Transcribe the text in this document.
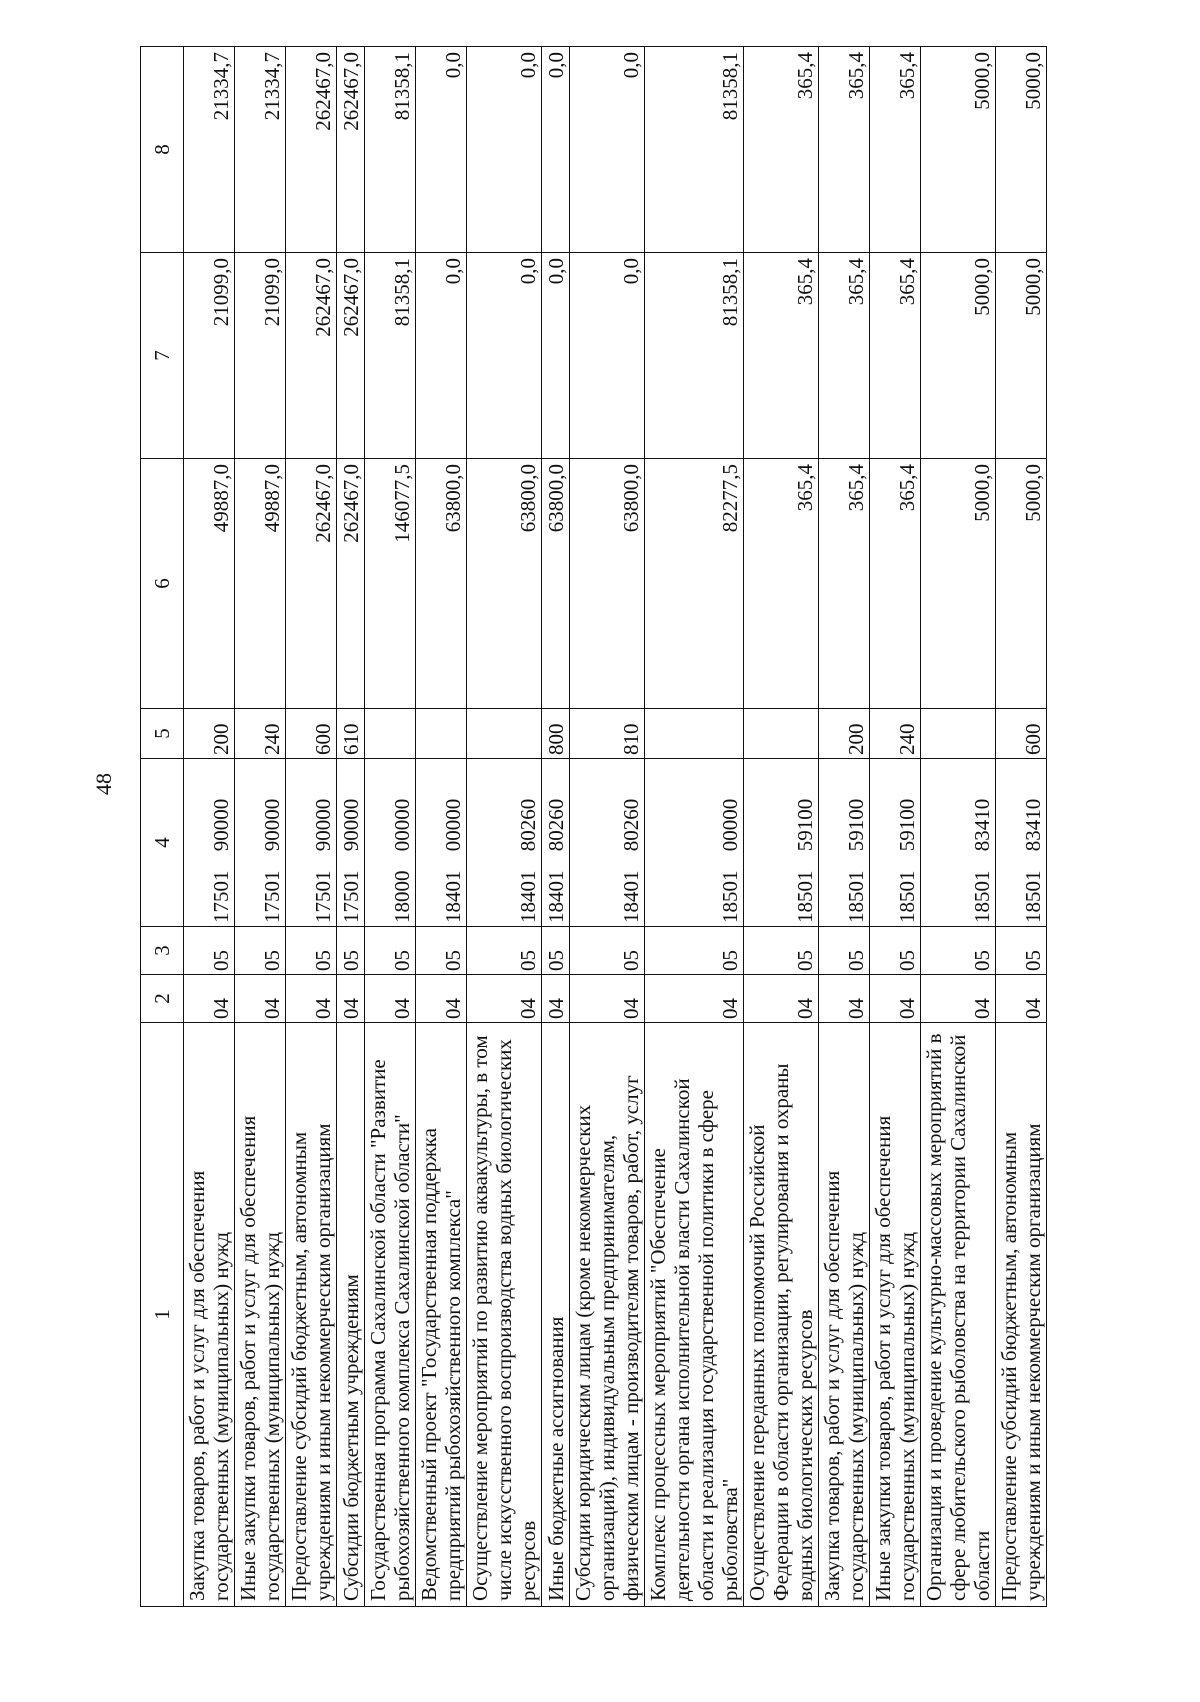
48
1	2	3	4	5	6	7	8
Закупка товаров, работ и услуг для обеспечения государственных (муниципальных) нужд	04	05	17501 90000	200	49887,0	21099,0	21334,7
Иные закупки товаров, работ и услуг для обеспечения государственных (муниципальных) нужд	04	05	17501 90000	240	49887,0	21099,0	21334,7
Предоставление субсидий бюджетным, автономным учреждениям и иным некоммерческим организациям	04	05	17501 90000	600	262467,0	262467,0	262467,0
Субсидии бюджетным учреждениям	04	05	17501 90000	610	262467,0	262467,0	262467,0
Государственная программа Сахалинской области "Развитие рыбохозяйственного комплекса Сахалинской области"	04	05	18000 00000		146077,5	81358,1	81358,1
Ведомственный проект "Государственная поддержка предприятий рыбохозяйственного комплекса"	04	05	18401 00000		63800,0	0,0	0,0
Осуществление мероприятий по развитию аквакультуры, в том числе искусственного воспроизводства водных биологических ресурсов	04	05	18401 80260		63800,0	0,0	0,0
Иные бюджетные ассигнования	04	05	18401 80260	800	63800,0	0,0	0,0
Субсидии юридическим лицам (кроме некоммерческих организаций), индивидуальным предпринимателям, физическим лицам - производителям товаров, работ, услуг	04	05	18401 80260	810	63800,0	0,0	0,0
Комплекс процессных мероприятий "Обеспечение деятельности органа исполнительной власти Сахалинской области и реализация государственной политики в сфере рыболовства"	04	05	18501 00000		82277,5	81358,1	81358,1
Осуществление переданных полномочий Российской Федерации в области организации, регулирования и охраны водных биологических ресурсов	04	05	18501 59100		365,4	365,4	365,4
Закупка товаров, работ и услуг для обеспечения государственных (муниципальных) нужд	04	05	18501 59100	200	365,4	365,4	365,4
Иные закупки товаров, работ и услуг для обеспечения государственных (муниципальных) нужд	04	05	18501 59100	240	365,4	365,4	365,4
Организация и проведение культурно-массовых мероприятий в сфере любительского рыболовства на территории Сахалинской области	04	05	18501 83410		5000,0	5000,0	5000,0
Предоставление субсидий бюджетным, автономным учреждениям и иным некоммерческим организациям	04	05	18501 83410	600	5000,0	5000,0	5000,0
